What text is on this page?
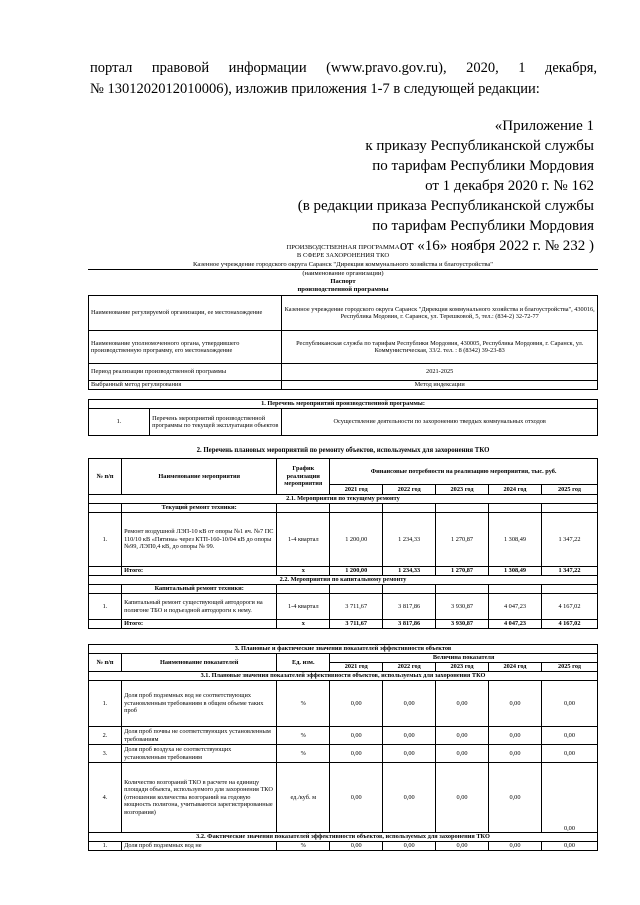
портал правовой информации (www.pravo.gov.ru), 2020, 1 декабря,

№ 1301202012010006), изложив приложения 1-7 в следующей редакции:

«Приложение 1
к приказу Республиканской службы
по тарифам Республики Мордовия
от 1 декабря 2020 г. № 162
(в редакции приказа Республиканской службы
по тарифам Республики Мордовия
от «16» ноября 2022 г. № 232 )
ПРОИЗВОДСТВЕННАЯ ПРОГРАММА
В СФЕРЕ ЗАХОРОНЕНИЯ ТКО
Казенное учреждение городского округа Саранск "Дирекция коммунального хозяйства и благоустройства"
(наименование организации)
Паспорт
производственной программы
Наименование регулируемой организации, ее местонахождение	Казенное учреждение городского округа Саранск "Дирекция коммунального хозяйства и благоустройства", 430016, Республика Модовия, г. Саранск, ул. Терешковой, 5, тел.: (834-2) 32-72-77
Наименование уполномоченного органа, утвердившего производственную программу, его местонахождение	Республиканская служба по тарифам Республики Мордовия, 430005, Республика Мордовия, г. Саранск, ул. Коммунистическая, 33/2. тел. : 8 (8342) 39-23-83
Период реализации производственной программы	2021-2025
Выбранный метод регулирования	Метод индексации
1. Перечень мероприятий производственной программы:
1.	Перечень мероприятий производственной программы по текущей эксплуатации объектов	Осуществление деятельности по захоронению твердых коммунальных отходов
2. Перечень плановых мероприятий по ремонту объектов, используемых для захоронения ТКО
№ п/п	Наименование мероприятия	График реализации мероприятия	Финансовые потребности на реализацию мероприятия, тыс. руб.				
			2021 год	2022 год	2023 год	2024 год	2025 год
2.1. Мероприятия по текущему ремонту							
	Текущий ремонт техники:						
1.	Ремонт воздушной ЛЭП-10 кВ от опоры №1 яч. №7 ПС 110/10 кВ «Пятина» через КТП-160-10/04 кВ до опоры №99, ЛЭП0,4 кВ, до опоры № 99.	1-4 квартал	1 200,00	1 234,33	1 270,87	1 308,49	1 347,22
	Итого:	х	1 200,00	1 234,33	1 270,87	1 308,49	1 347,22
2.2. Мероприятия по капитальному ремонту							
	Капитальный ремонт техники:						
1.	Капитальный ремонт существующей автодороги на полигоне ТБО и подъездной автодороги к нему.	1-4 квартал	3 711,67	3 817,86	3 930,87	4 047,23	4 167,02
	Итого:	х	3 711,67	3 817,86	3 930,87	4 047,23	4 167,02
3. Плановые и фактические значения показателей эффективности объектов							
№ п/п	Наименование показателей	Ед. изм.	Величина показателя				
			2021 год	2022 год	2023 год	2024 год	2025 год
3.1. Плановые значения показателей эффективности объектов, используемых для захоронения ТКО							
1.	Доля проб подземных вод не соответствующих установленным требованиям в общем объеме таких проб	%	0,00	0,00	0,00	0,00	0,00
2.	Доля проб почвы не соответствующих установленным требованиям	%	0,00	0,00	0,00	0,00	0,00
3.	Доля проб воздуха не соответствующих установленным требованиям	%	0,00	0,00	0,00	0,00	0,00
4.	Количество возгораний ТКО в расчете на единицу площади объекта, используемого для захоронения ТКО (отношения количества возгораний на годовую мощность полигона, учитываются зарегистрированные возгорания)	ед./куб. м	0,00	0,00	0,00	0,00	0,00
3.2. Фактические значения показателей эффективности объектов, используемых для захоронения ТКО							
1.	Доля проб подземных вод не	%	0,00	0,00	0,00	0,00	0,00
